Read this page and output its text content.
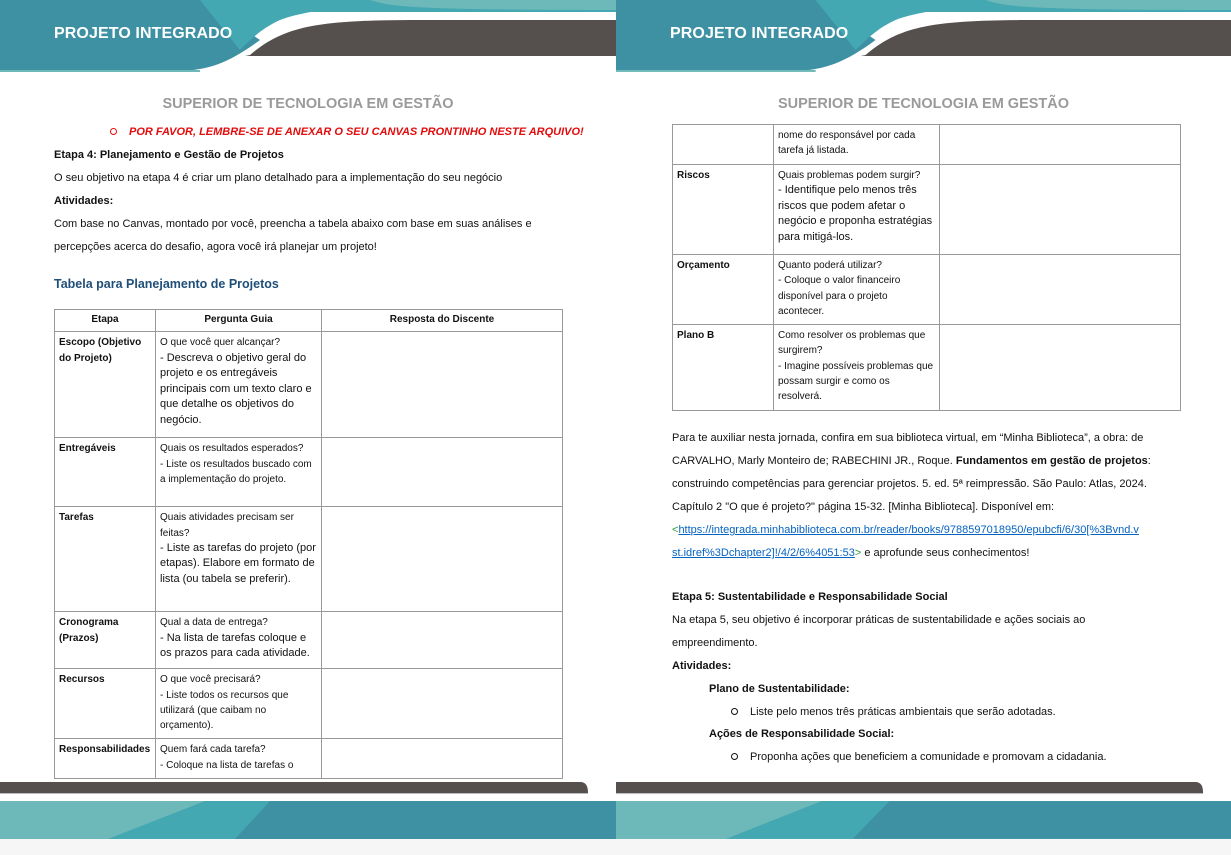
PROJETO INTEGRADO
SUPERIOR DE TECNOLOGIA EM GESTÃO
POR FAVOR, LEMBRE-SE DE ANEXAR O SEU CANVAS PRONTINHO NESTE ARQUIVO!
Etapa 4: Planejamento e Gestão de Projetos
O seu objetivo na etapa 4 é criar um plano detalhado para a implementação do seu negócio
Atividades:
Com base no Canvas, montado por você, preencha a tabela abaixo com base em suas análises e
percepções acerca do desafio, agora você irá planejar um projeto!
Tabela para Planejamento de Projetos
Etapa	Pergunta Guia	Resposta do Discente
Escopo (Objetivo do Projeto)	O que você quer alcançar?
- Descreva o objetivo geral do projeto e os entregáveis principais com um texto claro e que detalhe os objetivos do negócio.	

Entregáveis	Quais os resultados esperados?
- Liste os resultados buscado com a implementação do projeto.	

Tarefas	Quais atividades precisam ser feitas?
- Liste as tarefas do projeto (por etapas). Elabore em formato de lista (ou tabela se preferir).	

Cronograma (Prazos)	Qual a data de entrega?
- Na lista de tarefas coloque e os prazos para cada atividade.	

Recursos	O que você precisará?
- Liste todos os recursos que utilizará (que caibam no orçamento).	

Responsabilidades	Quem fará cada tarefa?
- Coloque na lista de tarefas o	

PROJETO INTEGRADO
SUPERIOR DE TECNOLOGIA EM GESTÃO

	nome do responsável por cada tarefa já listada.	

Riscos	Quais problemas podem surgir?
- Identifique pelo menos três riscos que podem afetar o negócio e proponha estratégias para mitigá-los.	

Orçamento	Quanto poderá utilizar?
- Coloque o valor financeiro disponível para o projeto acontecer.	

Plano B	Como resolver os problemas que surgirem?
- Imagine possíveis problemas que possam surgir e como os resolverá.	

Para te auxiliar nesta jornada, confira em sua biblioteca virtual, em “Minha Biblioteca”, a obra: de
CARVALHO, Marly Monteiro de; RABECHINI JR., Roque. Fundamentos em gestão de projetos:
construindo competências para gerenciar projetos. 5. ed. 5ª reimpressão. São Paulo: Atlas, 2024.
Capítulo 2 "O que é projeto?" página 15-32. [Minha Biblioteca]. Disponível em:
<https://integrada.minhabiblioteca.com.br/reader/books/9788597018950/epubcfi/6/30[%3Bvnd.v
st.idref%3Dchapter2]!/4/2/6%4051:53> e aprofunde seus conhecimentos!
Etapa 5: Sustentabilidade e Responsabilidade Social
Na etapa 5, seu objetivo é incorporar práticas de sustentabilidade e ações sociais ao
empreendimento.
Atividades:
Plano de Sustentabilidade:
Liste pelo menos três práticas ambientais que serão adotadas.
Ações de Responsabilidade Social:
Proponha ações que beneficiem a comunidade e promovam a cidadania.
